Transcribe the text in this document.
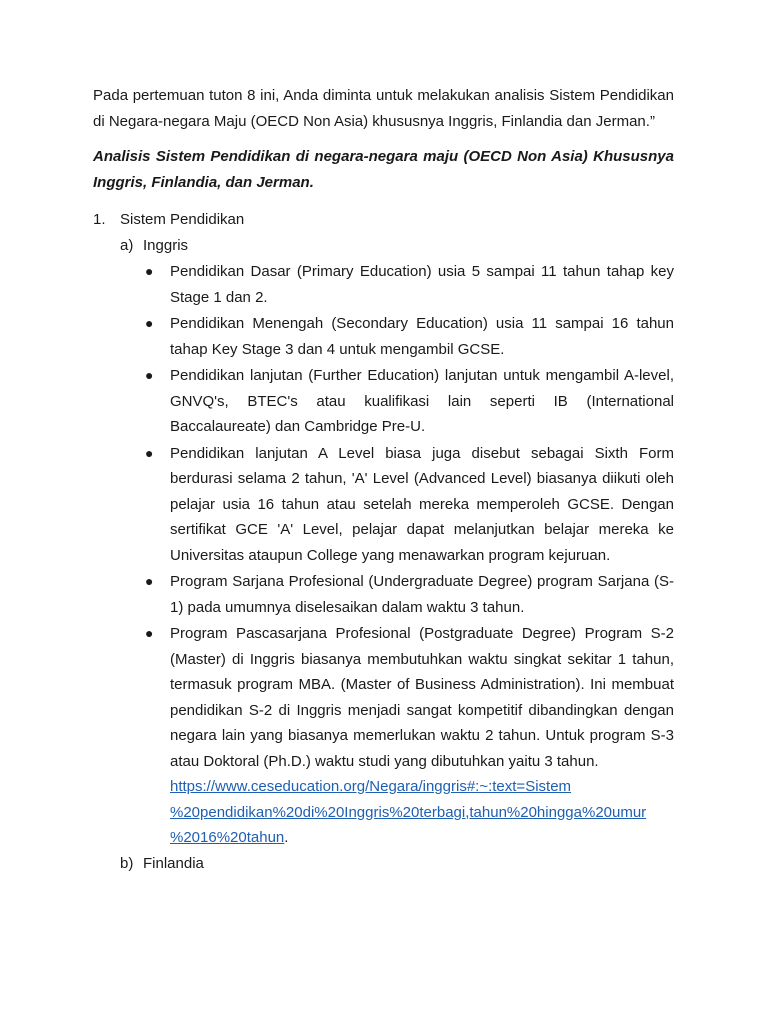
Pada pertemuan tuton 8 ini, Anda diminta untuk melakukan analisis Sistem Pendidikan di Negara-negara Maju (OECD Non Asia) khususnya Inggris, Finlandia dan Jerman.”

Analisis Sistem Pendidikan di negara-negara maju (OECD Non Asia) Khususnya Inggris, Finlandia, dan Jerman.

1. Sistem Pendidikan
a) Inggris
● Pendidikan Dasar (Primary Education) usia 5 sampai 11 tahun tahap key Stage 1 dan 2.
● Pendidikan Menengah (Secondary Education) usia 11 sampai 16 tahun tahap Key Stage 3 dan 4 untuk mengambil GCSE.
● Pendidikan lanjutan (Further Education) lanjutan untuk mengambil A-level, GNVQ's, BTEC's atau kualifikasi lain seperti IB (International Baccalaureate) dan Cambridge Pre-U.
● Pendidikan lanjutan A Level biasa juga disebut sebagai Sixth Form berdurasi selama 2 tahun, 'A' Level (Advanced Level) biasanya diikuti oleh pelajar usia 16 tahun atau setelah mereka memperoleh GCSE. Dengan sertifikat GCE 'A' Level, pelajar dapat melanjutkan belajar mereka ke Universitas ataupun College yang menawarkan program kejuruan.
● Program Sarjana Profesional (Undergraduate Degree) program Sarjana (S-1) pada umumnya diselesaikan dalam waktu 3 tahun.
● Program Pascasarjana Profesional (Postgraduate Degree) Program S-2 (Master) di Inggris biasanya membutuhkan waktu singkat sekitar 1 tahun, termasuk program MBA. (Master of Business Administration). Ini membuat pendidikan S-2 di Inggris menjadi sangat kompetitif dibandingkan dengan negara lain yang biasanya memerlukan waktu 2 tahun. Untuk program S-3 atau Doktoral (Ph.D.) waktu studi yang dibutuhkan yaitu 3 tahun.
https://www.ceseducation.org/Negara/inggris#:~:text=Sistem
%20pendidikan%20di%20Inggris%20terbagi,tahun%20hingga%20umur
%2016%20tahun.
b) Finlandia
